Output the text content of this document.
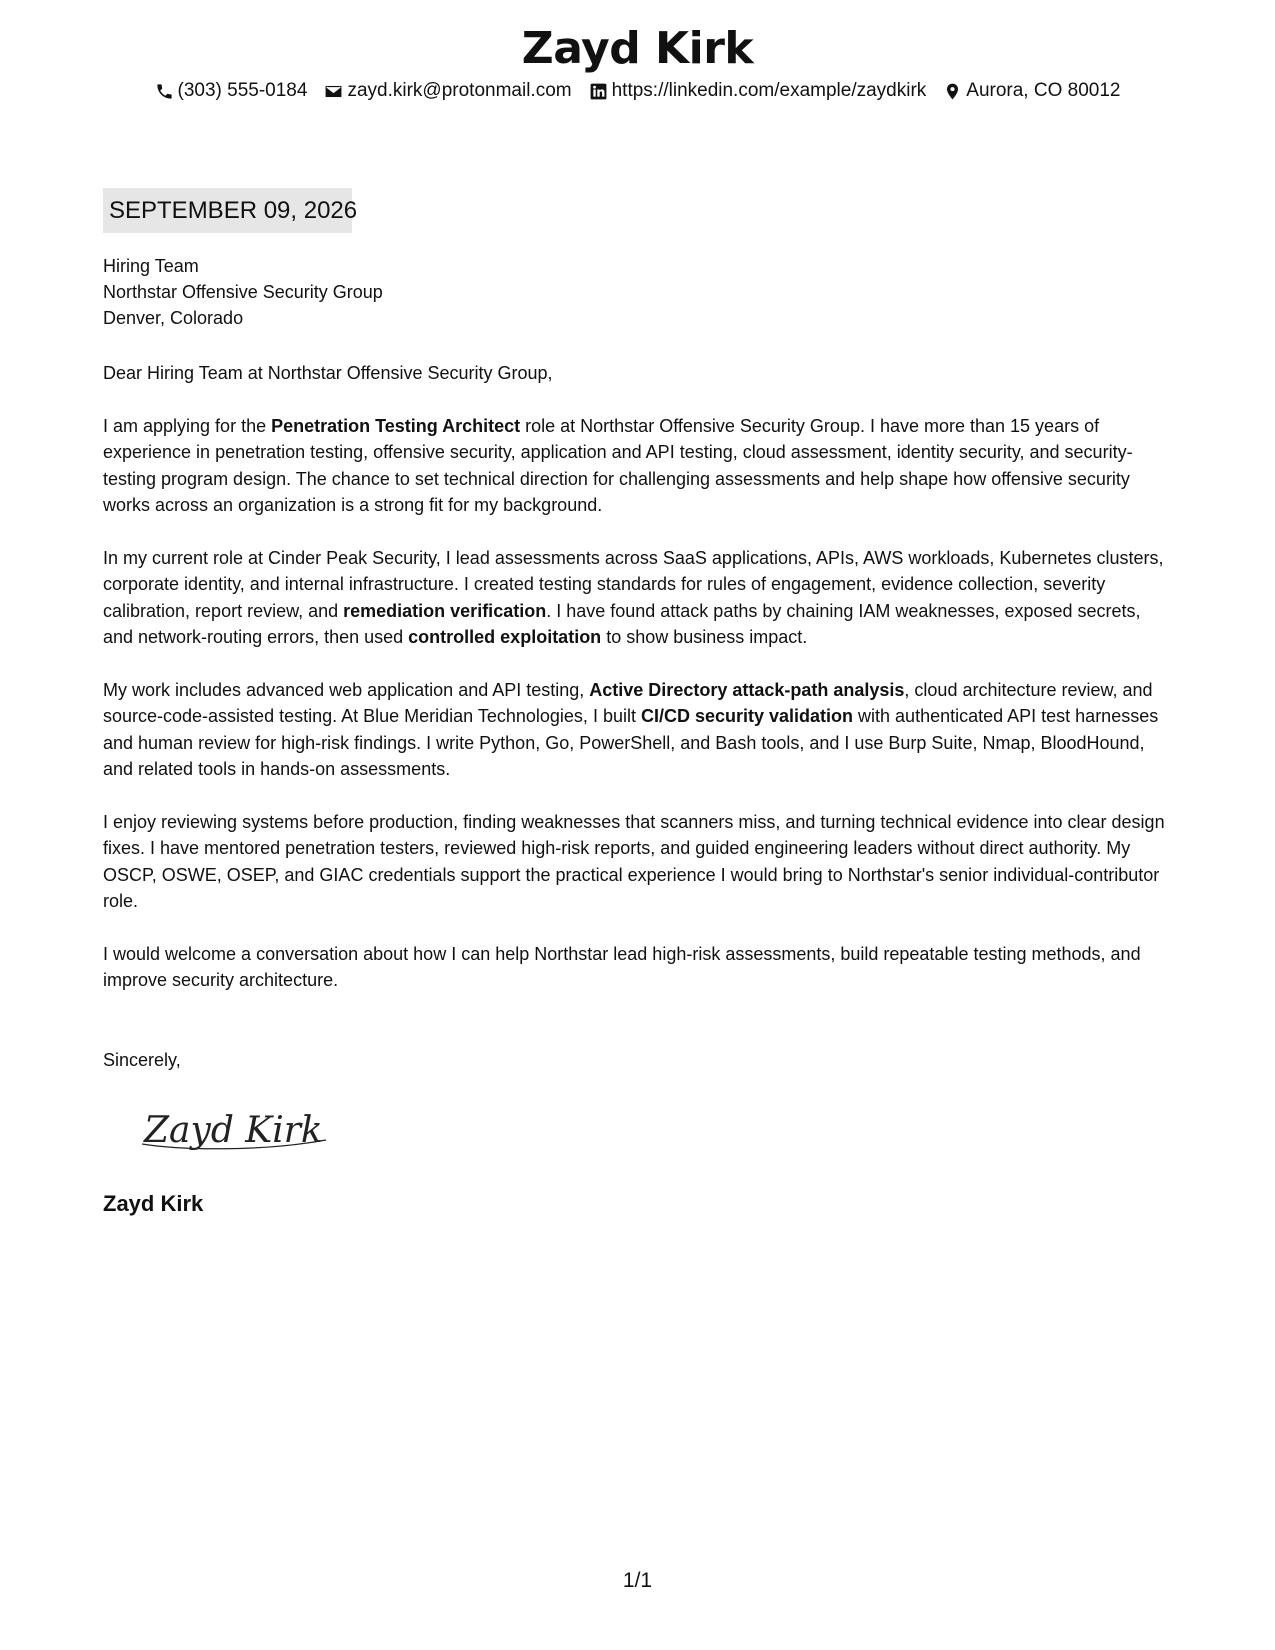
Zayd Kirk
(303) 555-0184 zayd.kirk@protonmail.com https://linkedin.com/example/zaydkirk Aurora, CO 80012
SEPTEMBER 09, 2026
Hiring Team
Northstar Offensive Security Group
Denver, Colorado

Dear Hiring Team at Northstar Offensive Security Group,

I am applying for the Penetration Testing Architect role at Northstar Offensive Security Group. I have more than 15 years of experience in penetration testing, offensive security, application and API testing, cloud assessment, identity security, and security-testing program design. The chance to set technical direction for challenging assessments and help shape how offensive security works across an organization is a strong fit for my background.

In my current role at Cinder Peak Security, I lead assessments across SaaS applications, APIs, AWS workloads, Kubernetes clusters, corporate identity, and internal infrastructure. I created testing standards for rules of engagement, evidence collection, severity calibration, report review, and remediation verification. I have found attack paths by chaining IAM weaknesses, exposed secrets, and network-routing errors, then used controlled exploitation to show business impact.

My work includes advanced web application and API testing, Active Directory attack-path analysis, cloud architecture review, and source-code-assisted testing. At Blue Meridian Technologies, I built CI/CD security validation with authenticated API test harnesses and human review for high-risk findings. I write Python, Go, PowerShell, and Bash tools, and I use Burp Suite, Nmap, BloodHound, and related tools in hands-on assessments.

I enjoy reviewing systems before production, finding weaknesses that scanners miss, and turning technical evidence into clear design fixes. I have mentored penetration testers, reviewed high-risk reports, and guided engineering leaders without direct authority. My OSCP, OSWE, OSEP, and GIAC credentials support the practical experience I would bring to Northstar's senior individual-contributor role.

I would welcome a conversation about how I can help Northstar lead high-risk assessments, build repeatable testing methods, and improve security architecture.

Sincerely,
Zayd Kirk
Zayd Kirk
1/1
